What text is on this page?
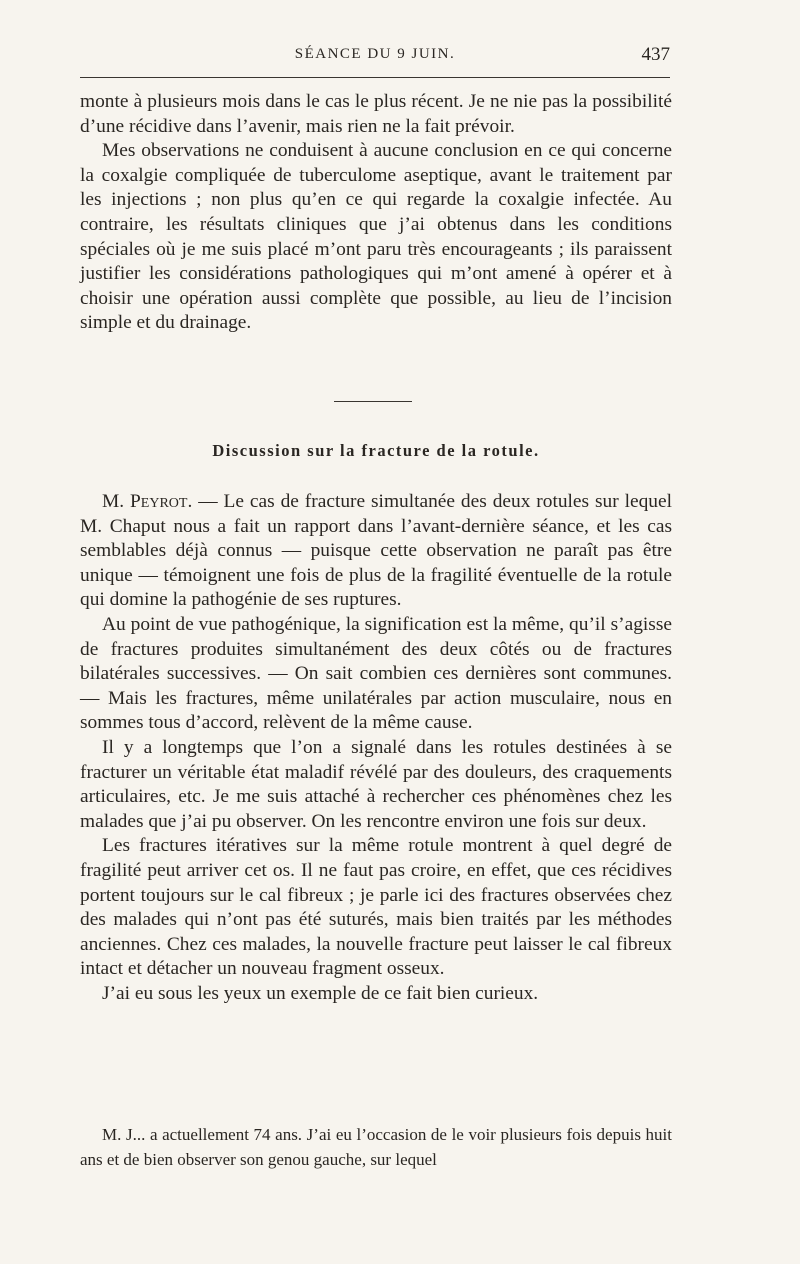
SÉANCE DU 9 JUIN.	437

monte à plusieurs mois dans le cas le plus récent. Je ne nie pas la possibilité d’une récidive dans l’avenir, mais rien ne la fait prévoir.

Mes observations ne conduisent à aucune conclusion en ce qui concerne la coxalgie compliquée de tuberculome aseptique, avant le traitement par les injections ; non plus qu’en ce qui regarde la coxalgie infectée. Au contraire, les résultats cliniques que j’ai obtenus dans les conditions spéciales où je me suis placé m’ont paru très encourageants ; ils paraissent justifier les considérations pathologiques qui m’ont amené à opérer et à choisir une opération aussi complète que possible, au lieu de l’incision simple et du drainage.

Discussion sur la fracture de la rotule.

M. Peyrot. — Le cas de fracture simultanée des deux rotules sur lequel M. Chaput nous a fait un rapport dans l’avant-dernière séance, et les cas semblables déjà connus — puisque cette observation ne paraît pas être unique — témoignent une fois de plus de la fragilité éventuelle de la rotule qui domine la pathogénie de ses ruptures.

Au point de vue pathogénique, la signification est la même, qu’il s’agisse de fractures produites simultanément des deux côtés ou de fractures bilatérales successives. — On sait combien ces dernières sont communes. — Mais les fractures, même unilatérales par action musculaire, nous en sommes tous d’accord, relèvent de la même cause.

Il y a longtemps que l’on a signalé dans les rotules destinées à se fracturer un véritable état maladif révélé par des douleurs, des craquements articulaires, etc. Je me suis attaché à rechercher ces phénomènes chez les malades que j’ai pu observer. On les rencontre environ une fois sur deux.

Les fractures itératives sur la même rotule montrent à quel degré de fragilité peut arriver cet os. Il ne faut pas croire, en effet, que ces récidives portent toujours sur le cal fibreux ; je parle ici des fractures observées chez des malades qui n’ont pas été suturés, mais bien traités par les méthodes anciennes. Chez ces malades, la nouvelle fracture peut laisser le cal fibreux intact et détacher un nouveau fragment osseux.

J’ai eu sous les yeux un exemple de ce fait bien curieux.

M. J... a actuellement 74 ans. J’ai eu l’occasion de le voir plusieurs fois depuis huit ans et de bien observer son genou gauche, sur lequel
